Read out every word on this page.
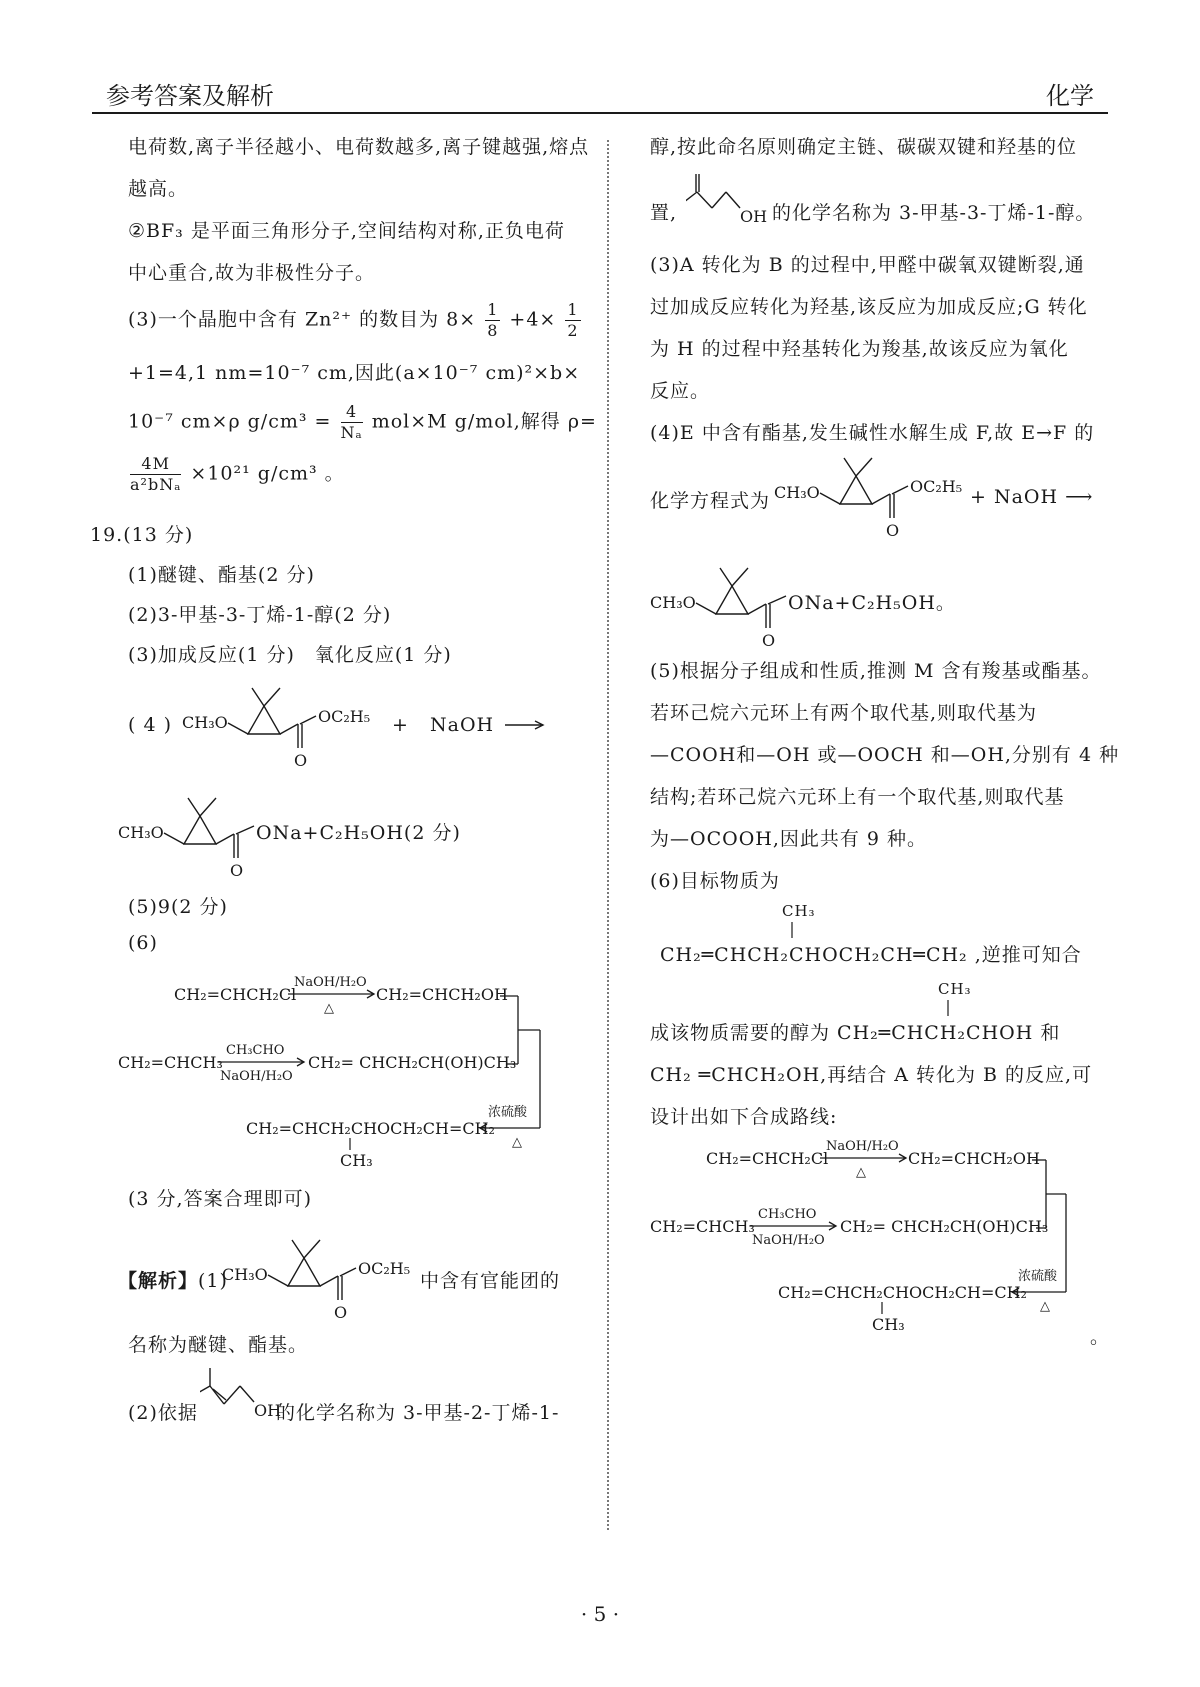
参考答案及解析	化学
电荷数,离子半径越小、电荷数越多,离子键越强,熔点
越高。
②BF₃ 是平面三角形分子,空间结构对称,正负电荷
中心重合,故为非极性分子。
(3)一个晶胞中含有 Zn²⁺ 的数目为 $8\times \frac{1}{8} +4\times \frac{1}{2}$
+1=4,1 nm=10⁻⁷ cm,因此(a×10⁻⁷ cm)²×b×
10⁻⁷ cm×ρ $g/cm^3 = \frac{4}{\text{Nₐ}} mol\times M$ g/mol,解得 ρ=
$\frac{4M}{\text{a²bNₐ}} \times 10^{21}$ g/cm³ 。
19.(13 分)
(1)醚键、酯基(2 分)
(2)3-甲基-3-丁烯-1-醇(2 分)
(3)加成反应(1 分)　氧化反应(1 分)
( 4 ) CH₃O
O
OC₂H₅ + NaOH →
CH₃O
O
ONa+C₂H₅OH(2 分)
(5)9(2 分)
(6)
CH₂=CHCH₂Cl
NaOH/H₂O
△
CH₂=CHCH₂OH
CH₂=CHCH₃
CH₃CHO
NaOH/H₂O
CH₂= CHCH₂CH(OH)CH₃
浓硫酸
△
CH₂=CHCH₂CHOCH₂CH=CH₂
CH₃
(3 分,答案合理即可)
【解析】(1)
CH₃O
O
OC₂H₅
中含有官能团的
名称为醚键、酯基。
(2)依据	OH
的化学名称为 3-甲基-2-丁烯-1-
醇,按此命名原则确定主链、碳碳双键和羟基的位
置,	OH 的化学名称为 3-甲基-3-丁烯-1-醇。
(3)A 转化为 B 的过程中,甲醛中碳氧双键断裂,通
过加成反应转化为羟基,该反应为加成反应;G 转化
为 H 的过程中羟基转化为羧基,故该反应为氧化
反应。
(4)E 中含有酯基,发生碱性水解生成 F,故 E→F 的
化学方程式为 CH₃O
O
OC₂H₅ + NaOH ⟶
CH₃O
O
ONa+C₂H₅OH。
(5)根据分子组成和性质,推测 M 含有羧基或酯基。
若环己烷六元环上有两个取代基,则取代基为
—COOH和—OH 或—OOCH 和—OH,分别有 4 种
结构;若环己烷六元环上有一个取代基,则取代基
为—OCOOH,因此共有 9 种。
(6)目标物质为
CH₃
CH₂═CHCH₂CHOCH₂CH═CH₂ ,逆推可知合
CH₃
成该物质需要的醇为 CH₂═CHCH₂CHOH 和
CH₂ ═CHCH₂OH,再结合 A 转化为 B 的反应,可
设计出如下合成路线:
CH₂=CHCH₂Cl
NaOH/H₂O
△
CH₂=CHCH₂OH
CH₂=CHCH₃
CH₃CHO
NaOH/H₂O
CH₂= CHCH₂CH(OH)CH₃
浓硫酸
△
CH₂=CHCH₂CHOCH₂CH=CH₂
CH₃
。
· 5 ·
